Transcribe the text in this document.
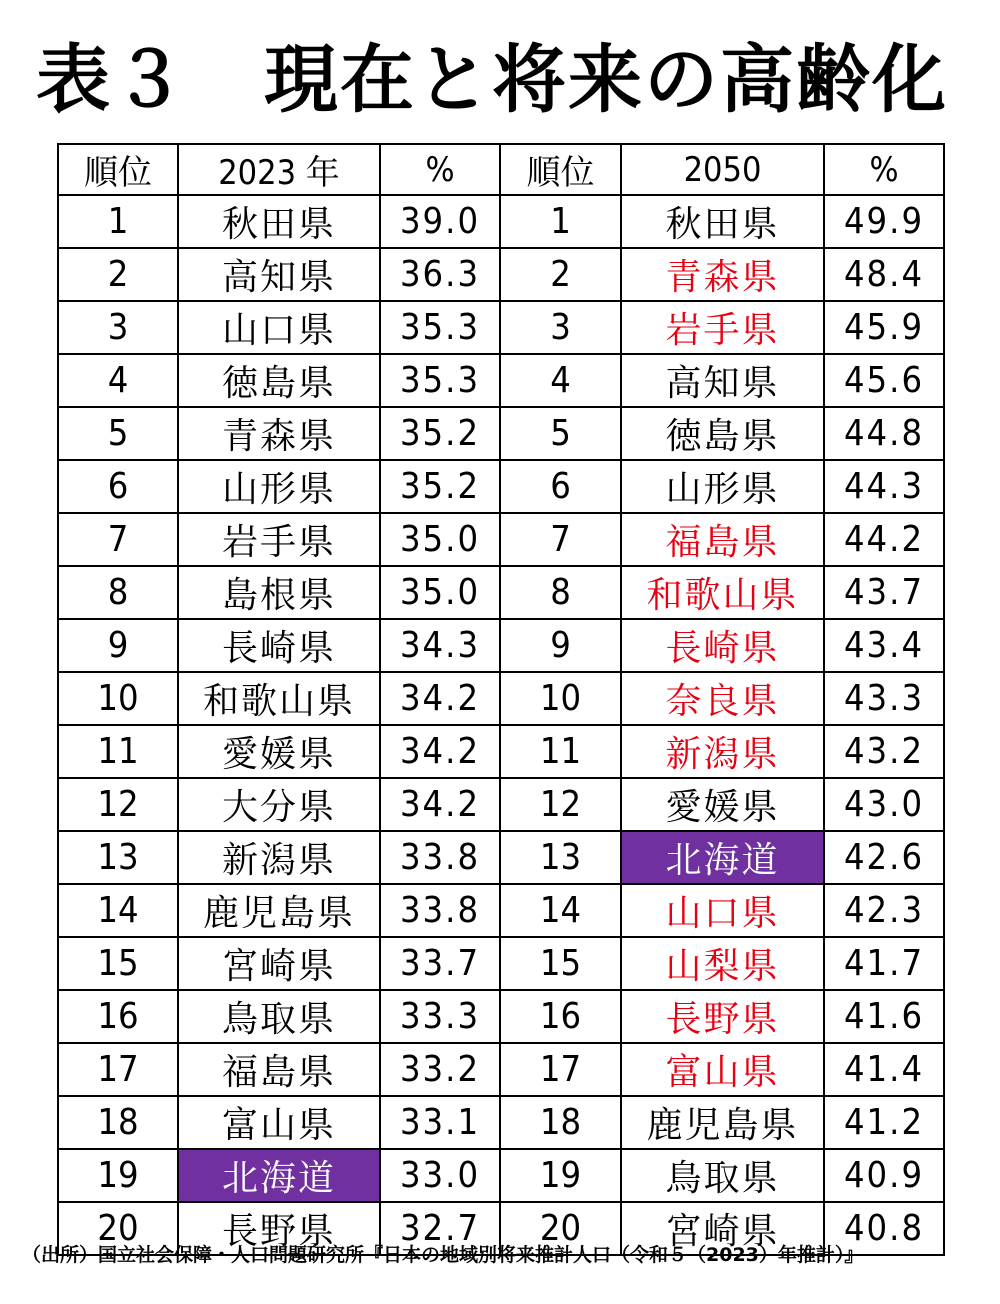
表３　現在と将来の高齢化
順位	2023 年	%	順位	2050	%
1	秋田県	39.0	1	秋田県	49.9
2	高知県	36.3	2	青森県	48.4
3	山口県	35.3	3	岩手県	45.9
4	徳島県	35.3	4	高知県	45.6
5	青森県	35.2	5	徳島県	44.8
6	山形県	35.2	6	山形県	44.3
7	岩手県	35.0	7	福島県	44.2
8	島根県	35.0	8	和歌山県	43.7
9	長崎県	34.3	9	長崎県	43.4
10	和歌山県	34.2	10	奈良県	43.3
11	愛媛県	34.2	11	新潟県	43.2
12	大分県	34.2	12	愛媛県	43.0
13	新潟県	33.8	13	北海道	42.6
14	鹿児島県	33.8	14	山口県	42.3
15	宮崎県	33.7	15	山梨県	41.7
16	鳥取県	33.3	16	長野県	41.6
17	福島県	33.2	17	富山県	41.4
18	富山県	33.1	18	鹿児島県	41.2
19	北海道	33.0	19	鳥取県	40.9
20	長野県	32.7	20	宮崎県	40.8
（出所）国立社会保障・人口問題研究所『日本の地域別将来推計人口（令和５（2023）年推計）』
